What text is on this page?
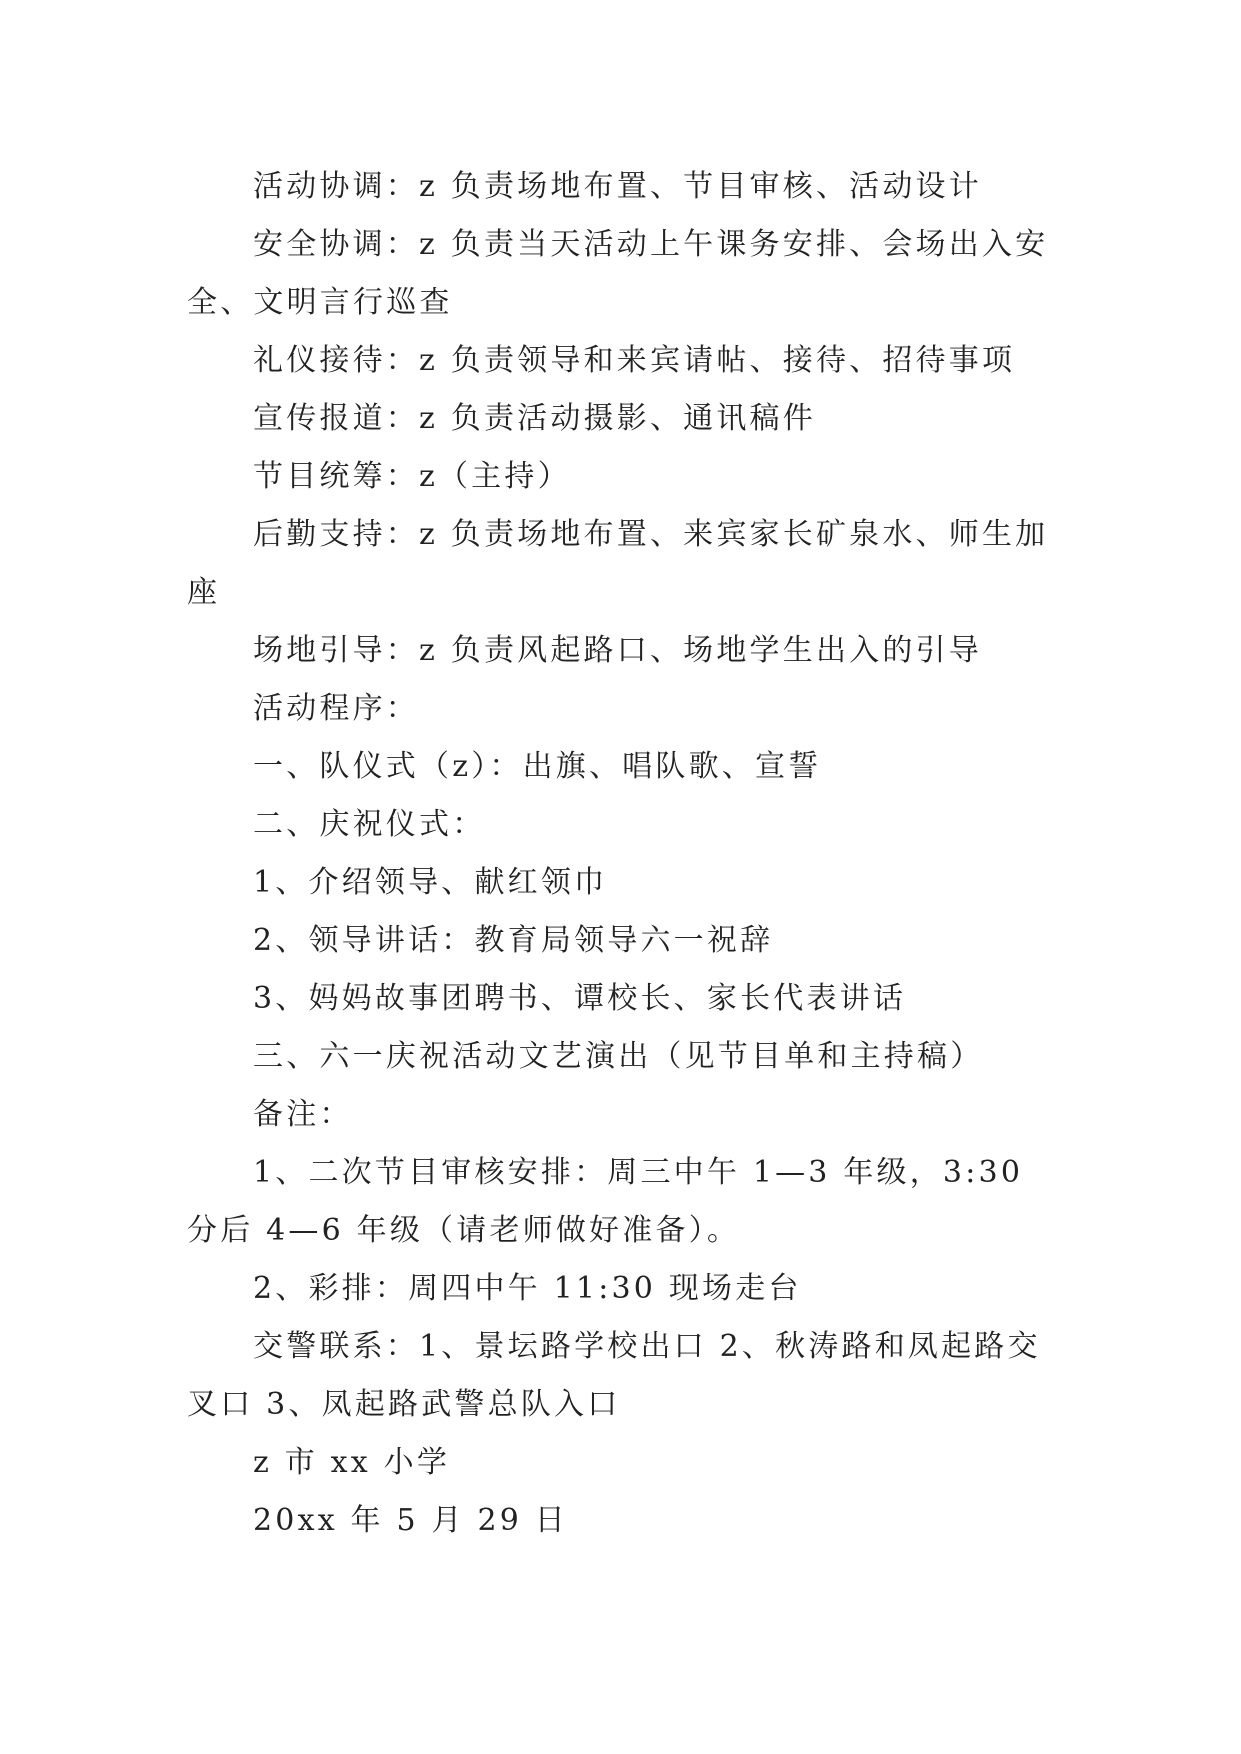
活动协调：z 负责场地布置、节目审核、活动设计

安全协调：z 负责当天活动上午课务安排、会场出入安全、文明言行巡查

礼仪接待：z 负责领导和来宾请帖、接待、招待事项

宣传报道：z 负责活动摄影、通讯稿件

节目统筹：z（主持）

后勤支持：z 负责场地布置、来宾家长矿泉水、师生加座

场地引导：z 负责风起路口、场地学生出入的引导

活动程序：

一、队仪式（z）：出旗、唱队歌、宣誓

二、庆祝仪式：

1、介绍领导、献红领巾

2、领导讲话：教育局领导六一祝辞

3、妈妈故事团聘书、谭校长、家长代表讲话

三、六一庆祝活动文艺演出（见节目单和主持稿）

备注：

1、二次节目审核安排：周三中午 1—3 年级，3:30 分后 4—6 年级（请老师做好准备）。

2、彩排：周四中午 11:30 现场走台

交警联系：1、景坛路学校出口 2、秋涛路和凤起路交叉口 3、凤起路武警总队入口

z 市 xx 小学

20xx 年 5 月 29 日
